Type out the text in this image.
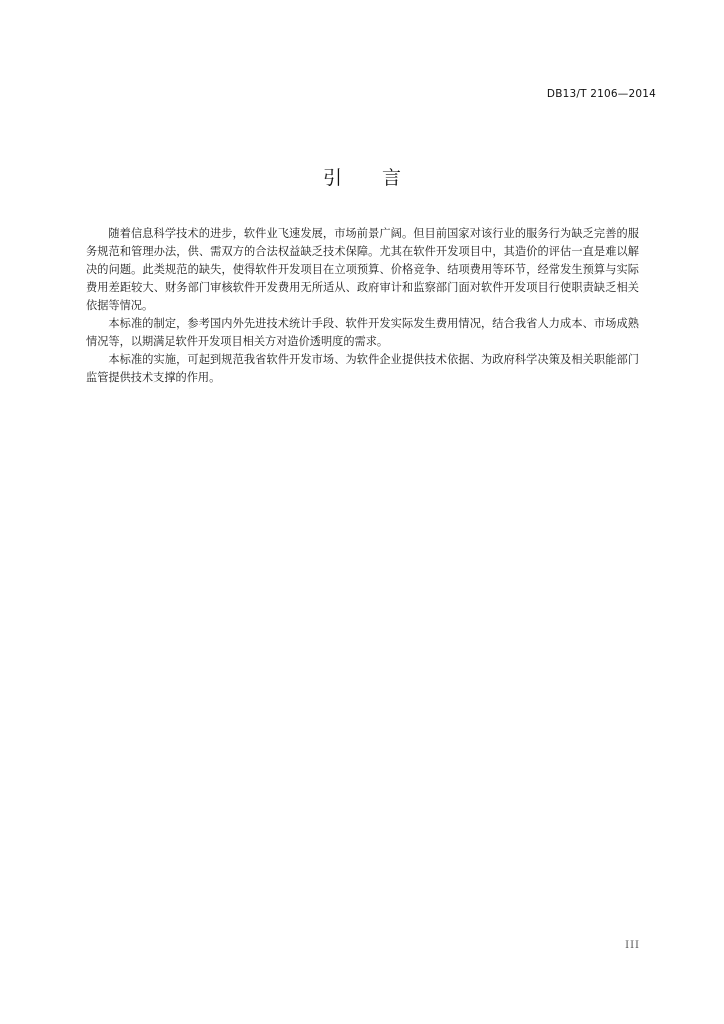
DB13/T 2106—2014
引言

随着信息科学技术的进步，软件业飞速发展，市场前景广阔。但目前国家对该行业的服务行为缺乏完善的服务规范和管理办法，供、需双方的合法权益缺乏技术保障。尤其在软件开发项目中，其造价的评估一直是难以解决的问题。此类规范的缺失，使得软件开发项目在立项预算、价格竞争、结项费用等环节，经常发生预算与实际费用差距较大、财务部门审核软件开发费用无所适从、政府审计和监察部门面对软件开发项目行使职责缺乏相关依据等情况。

本标准的制定，参考国内外先进技术统计手段、软件开发实际发生费用情况，结合我省人力成本、市场成熟情况等，以期满足软件开发项目相关方对造价透明度的需求。

本标准的实施，可起到规范我省软件开发市场、为软件企业提供技术依据、为政府科学决策及相关职能部门监管提供技术支撑的作用。

III
